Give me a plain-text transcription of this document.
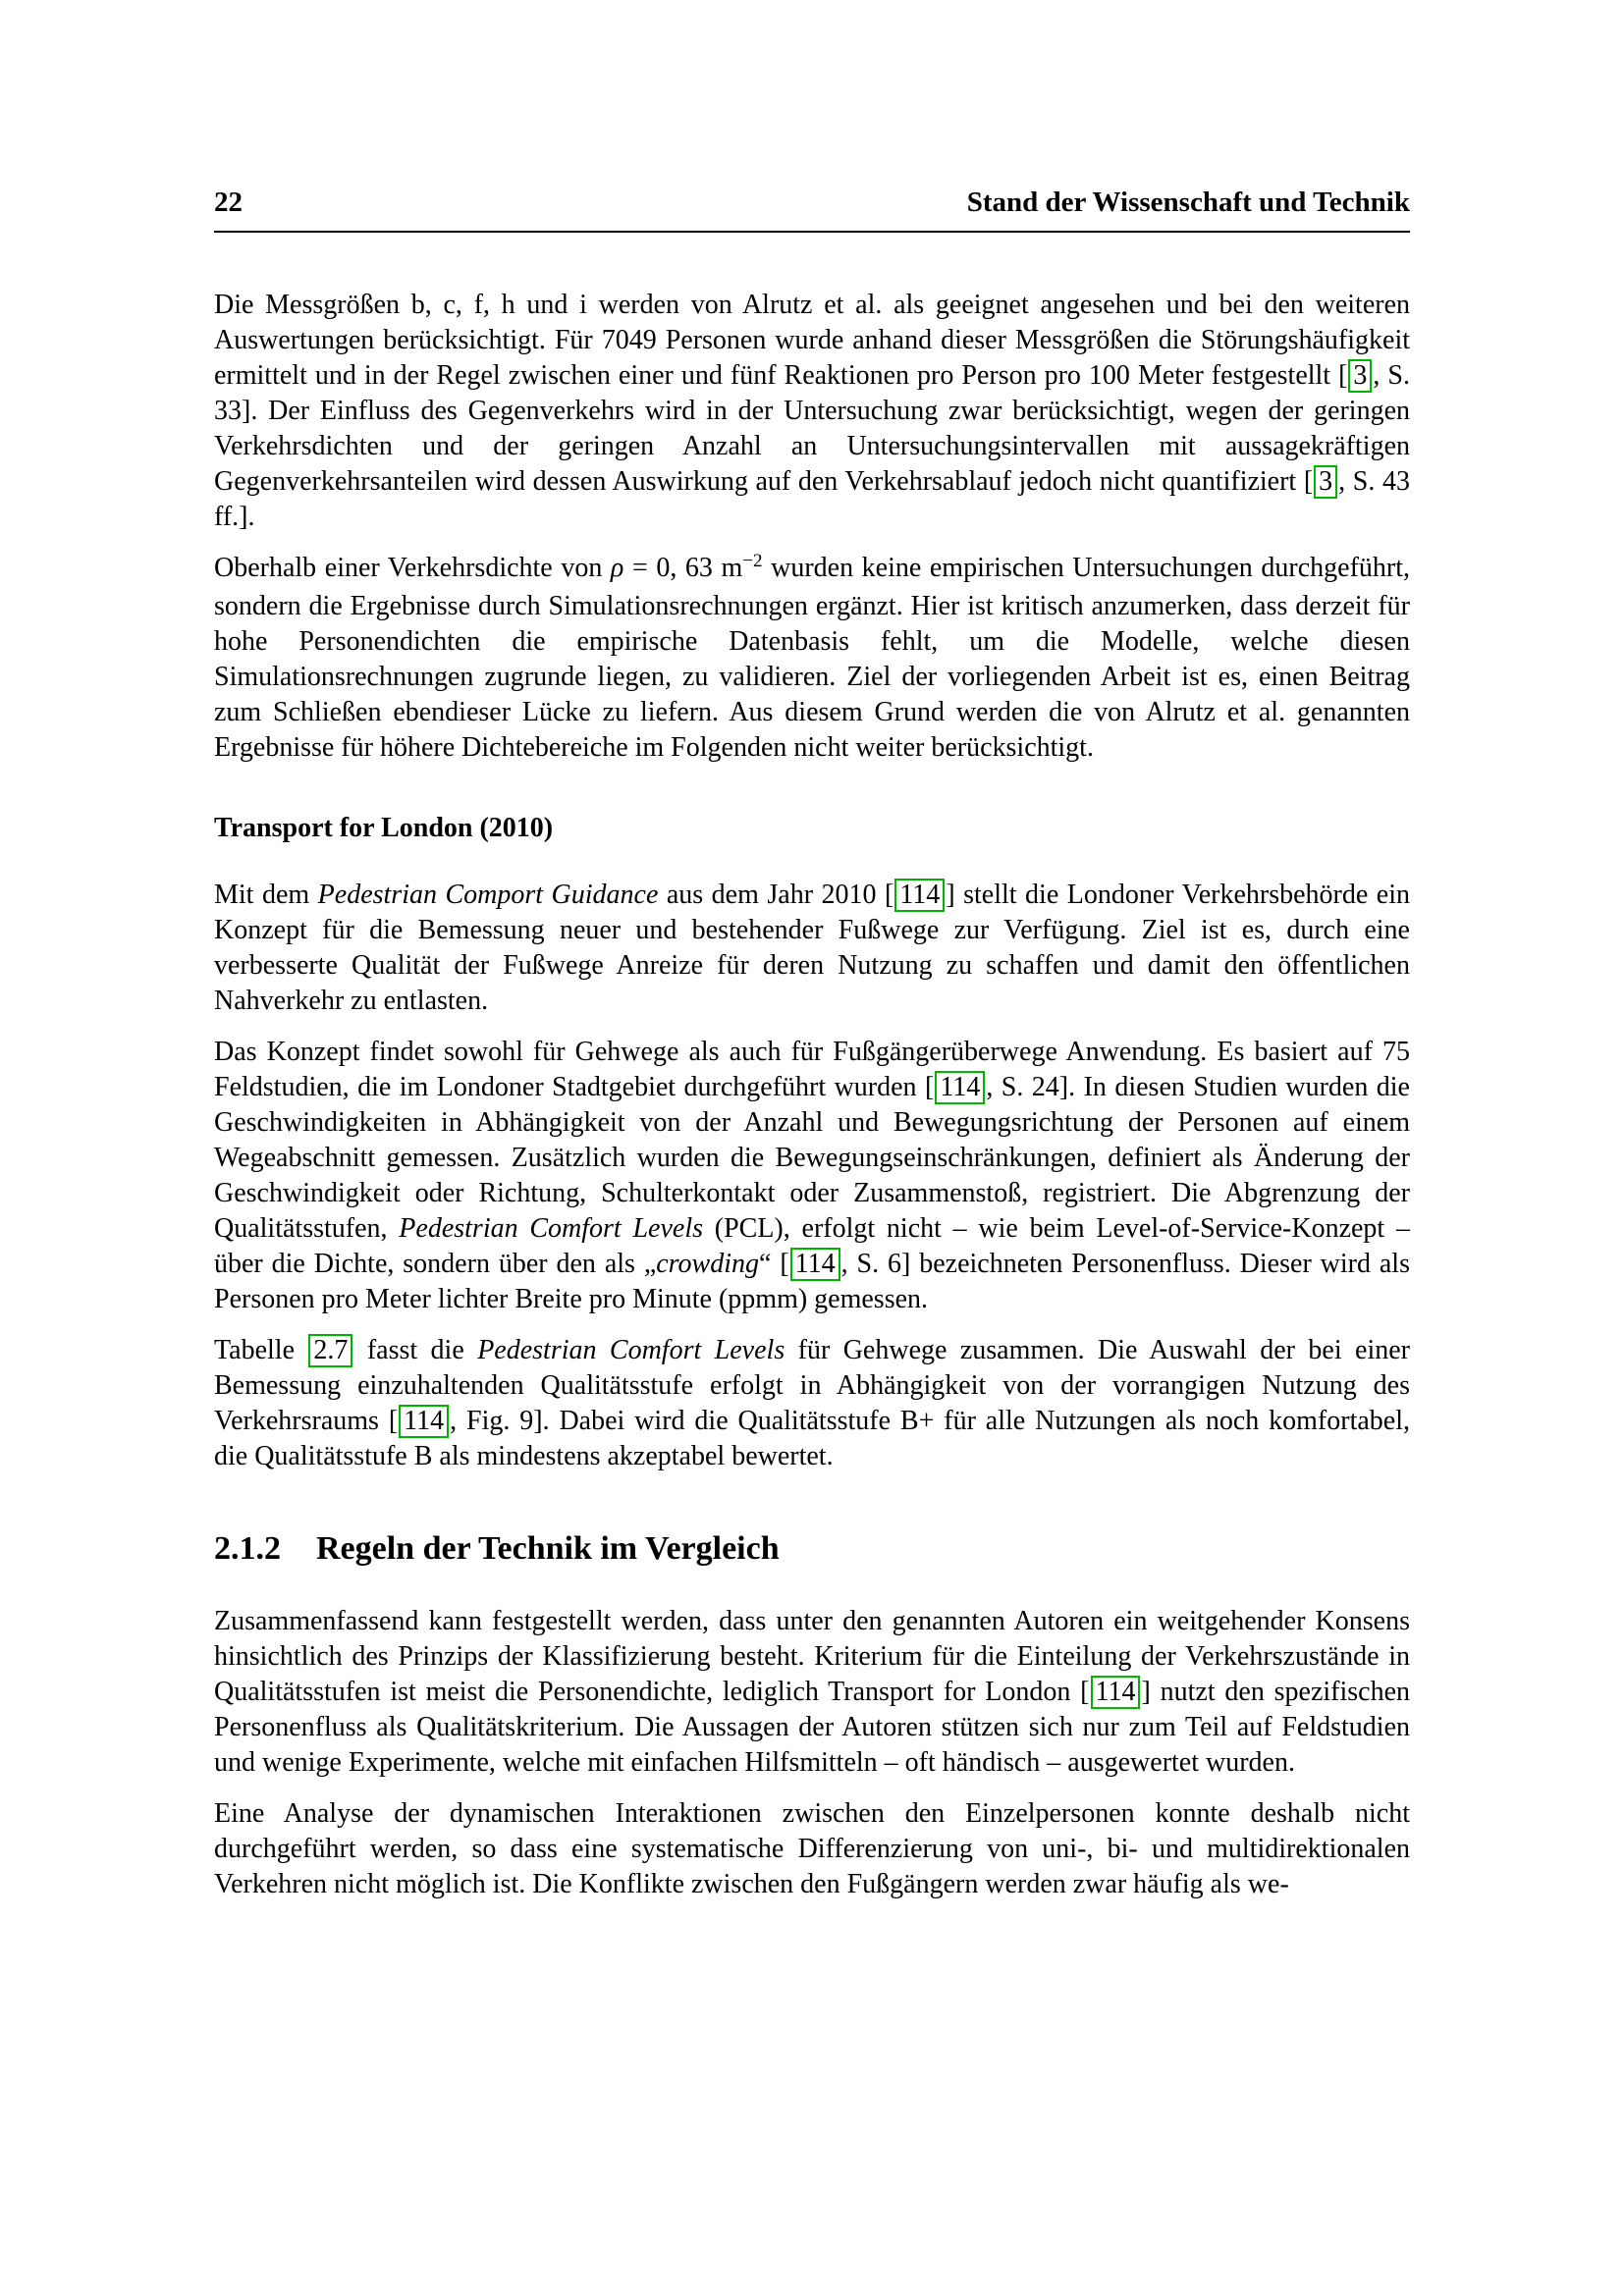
22	Stand der Wissenschaft und Technik

Die Messgrößen b, c, f, h und i werden von Alrutz et al. als geeignet angesehen und bei den weiteren Auswertungen berücksichtigt. Für 7049 Personen wurde anhand dieser Messgrößen die Störungshäufigkeit ermittelt und in der Regel zwischen einer und fünf Reaktionen pro Person pro 100 Meter festgestellt [ 3 , S. 33]. Der Einfluss des Gegenverkehrs wird in der Untersuchung zwar berücksichtigt, wegen der geringen Verkehrsdichten und der geringen Anzahl an Untersuchungsintervallen mit aussagekräftigen Gegenverkehrsanteilen wird dessen Auswirkung auf den Verkehrsablauf jedoch nicht quantifiziert [ 3 , S. 43 ff.].

Oberhalb einer Verkehrsdichte von ρ = 0, 63 $m^{-2}$ wurden keine empirischen Untersuchungen durchgeführt, sondern die Ergebnisse durch Simulationsrechnungen ergänzt. Hier ist kritisch anzumerken, dass derzeit für hohe Personendichten die empirische Datenbasis fehlt, um die Modelle, welche diesen Simulationsrechnungen zugrunde liegen, zu validieren. Ziel der vorliegenden Arbeit ist es, einen Beitrag zum Schließen ebendieser Lücke zu liefern. Aus diesem Grund werden die von Alrutz et al. genannten Ergebnisse für höhere Dichtebereiche im Folgenden nicht weiter berücksichtigt.

Transport for London (2010)

Mit dem Pedestrian Comport Guidance aus dem Jahr 2010 [ 114 ] stellt die Londoner Verkehrsbehörde ein Konzept für die Bemessung neuer und bestehender Fußwege zur Verfügung. Ziel ist es, durch eine verbesserte Qualität der Fußwege Anreize für deren Nutzung zu schaffen und damit den öffentlichen Nahverkehr zu entlasten.

Das Konzept findet sowohl für Gehwege als auch für Fußgängerüberwege Anwendung. Es basiert auf 75 Feldstudien, die im Londoner Stadtgebiet durchgeführt wurden [ 114 , S. 24]. In diesen Studien wurden die Geschwindigkeiten in Abhängigkeit von der Anzahl und Bewegungsrichtung der Personen auf einem Wegeabschnitt gemessen. Zusätzlich wurden die Bewegungseinschränkungen, definiert als Änderung der Geschwindigkeit oder Richtung, Schulterkontakt oder Zusammenstoß, registriert. Die Abgrenzung der Qualitätsstufen, Pedestrian Comfort Levels (PCL), erfolgt nicht – wie beim Level-of-Service-Konzept – über die Dichte, sondern über den als „crowding“ [ 114 , S. 6] bezeichneten Personenfluss. Dieser wird als Personen pro Meter lichter Breite pro Minute (ppmm) gemessen.

Tabelle 2.7 fasst die Pedestrian Comfort Levels für Gehwege zusammen. Die Auswahl der bei einer Bemessung einzuhaltenden Qualitätsstufe erfolgt in Abhängigkeit von der vorrangigen Nutzung des Verkehrsraums [ 114 , Fig. 9]. Dabei wird die Qualitätsstufe B+ für alle Nutzungen als noch komfortabel, die Qualitätsstufe B als mindestens akzeptabel bewertet.

2.1.2 Regeln der Technik im Vergleich

Zusammenfassend kann festgestellt werden, dass unter den genannten Autoren ein weitgehender Konsens hinsichtlich des Prinzips der Klassifizierung besteht. Kriterium für die Einteilung der Verkehrszustände in Qualitätsstufen ist meist die Personendichte, lediglich Transport for London [ 114 ] nutzt den spezifischen Personenfluss als Qualitätskriterium. Die Aussagen der Autoren stützen sich nur zum Teil auf Feldstudien und wenige Experimente, welche mit einfachen Hilfsmitteln – oft händisch – ausgewertet wurden.

Eine Analyse der dynamischen Interaktionen zwischen den Einzelpersonen konnte deshalb nicht durchgeführt werden, so dass eine systematische Differenzierung von uni-, bi- und multidirektionalen Verkehren nicht möglich ist. Die Konflikte zwischen den Fußgängern werden zwar häufig als we-
